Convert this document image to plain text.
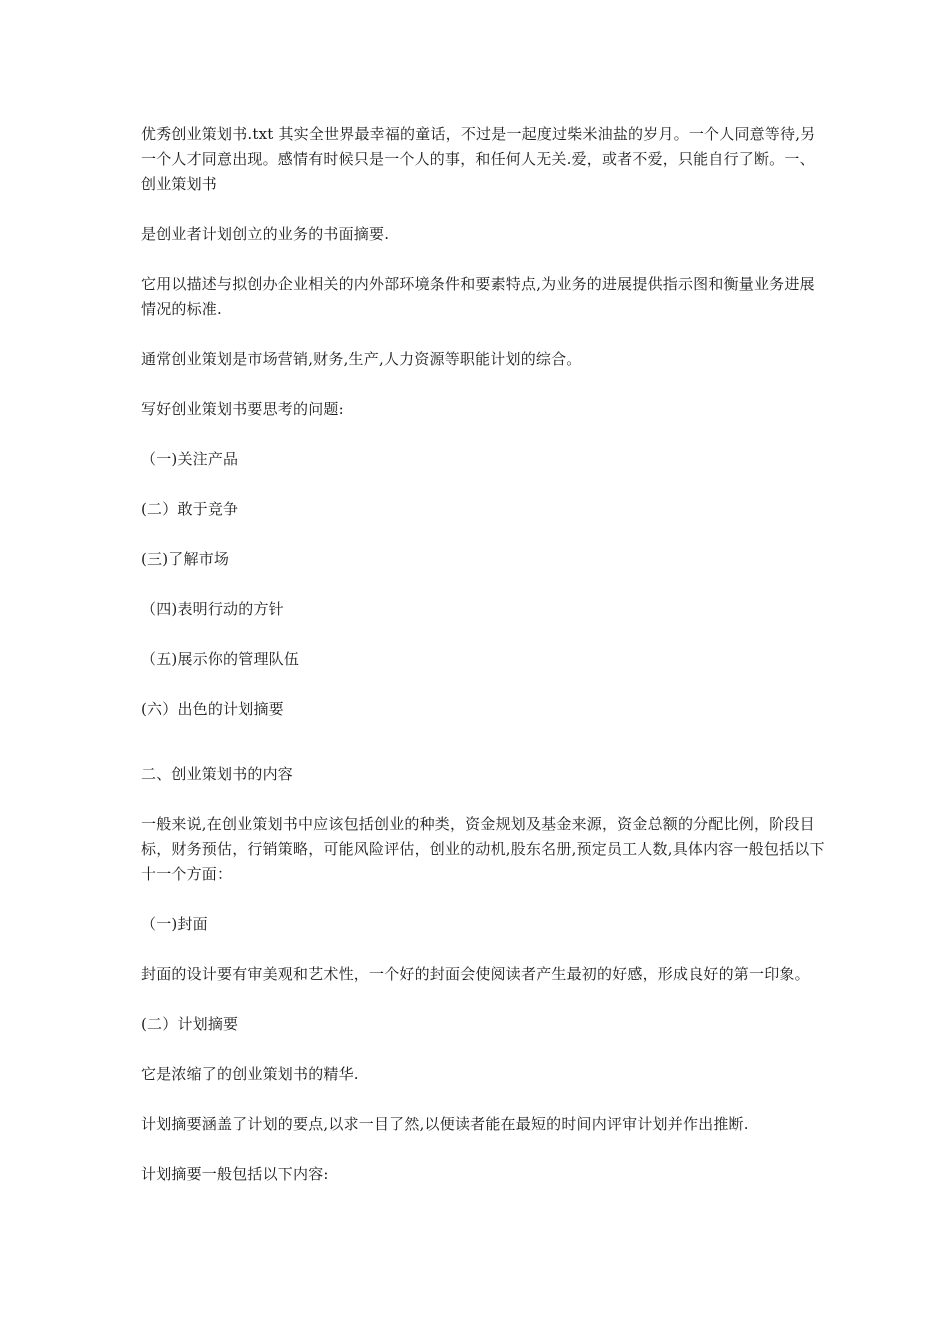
优秀创业策划书.txt 其实全世界最幸福的童话，不过是一起度过柴米油盐的岁月。一个人同意等待,另一个人才同意出现。感情有时候只是一个人的事，和任何人无关.爱，或者不爱，只能自行了断。一、创业策划书

是创业者计划创立的业务的书面摘要.

它用以描述与拟创办企业相关的内外部环境条件和要素特点,为业务的进展提供指示图和衡量业务进展情况的标准.

通常创业策划是市场营销,财务,生产,人力资源等职能计划的综合。

写好创业策划书要思考的问题:

（一)关注产品

(二）敢于竞争

(三)了解市场

（四)表明行动的方针

（五)展示你的管理队伍

(六）出色的计划摘要

二、创业策划书的内容

一般来说,在创业策划书中应该包括创业的种类，资金规划及基金来源，资金总额的分配比例，阶段目标，财务预估，行销策略，可能风险评估，创业的动机,股东名册,预定员工人数,具体内容一般包括以下十一个方面：

（一)封面

封面的设计要有审美观和艺术性，一个好的封面会使阅读者产生最初的好感，形成良好的第一印象。

(二）计划摘要

它是浓缩了的创业策划书的精华.

计划摘要涵盖了计划的要点,以求一目了然,以便读者能在最短的时间内评审计划并作出推断.

计划摘要一般包括以下内容:
